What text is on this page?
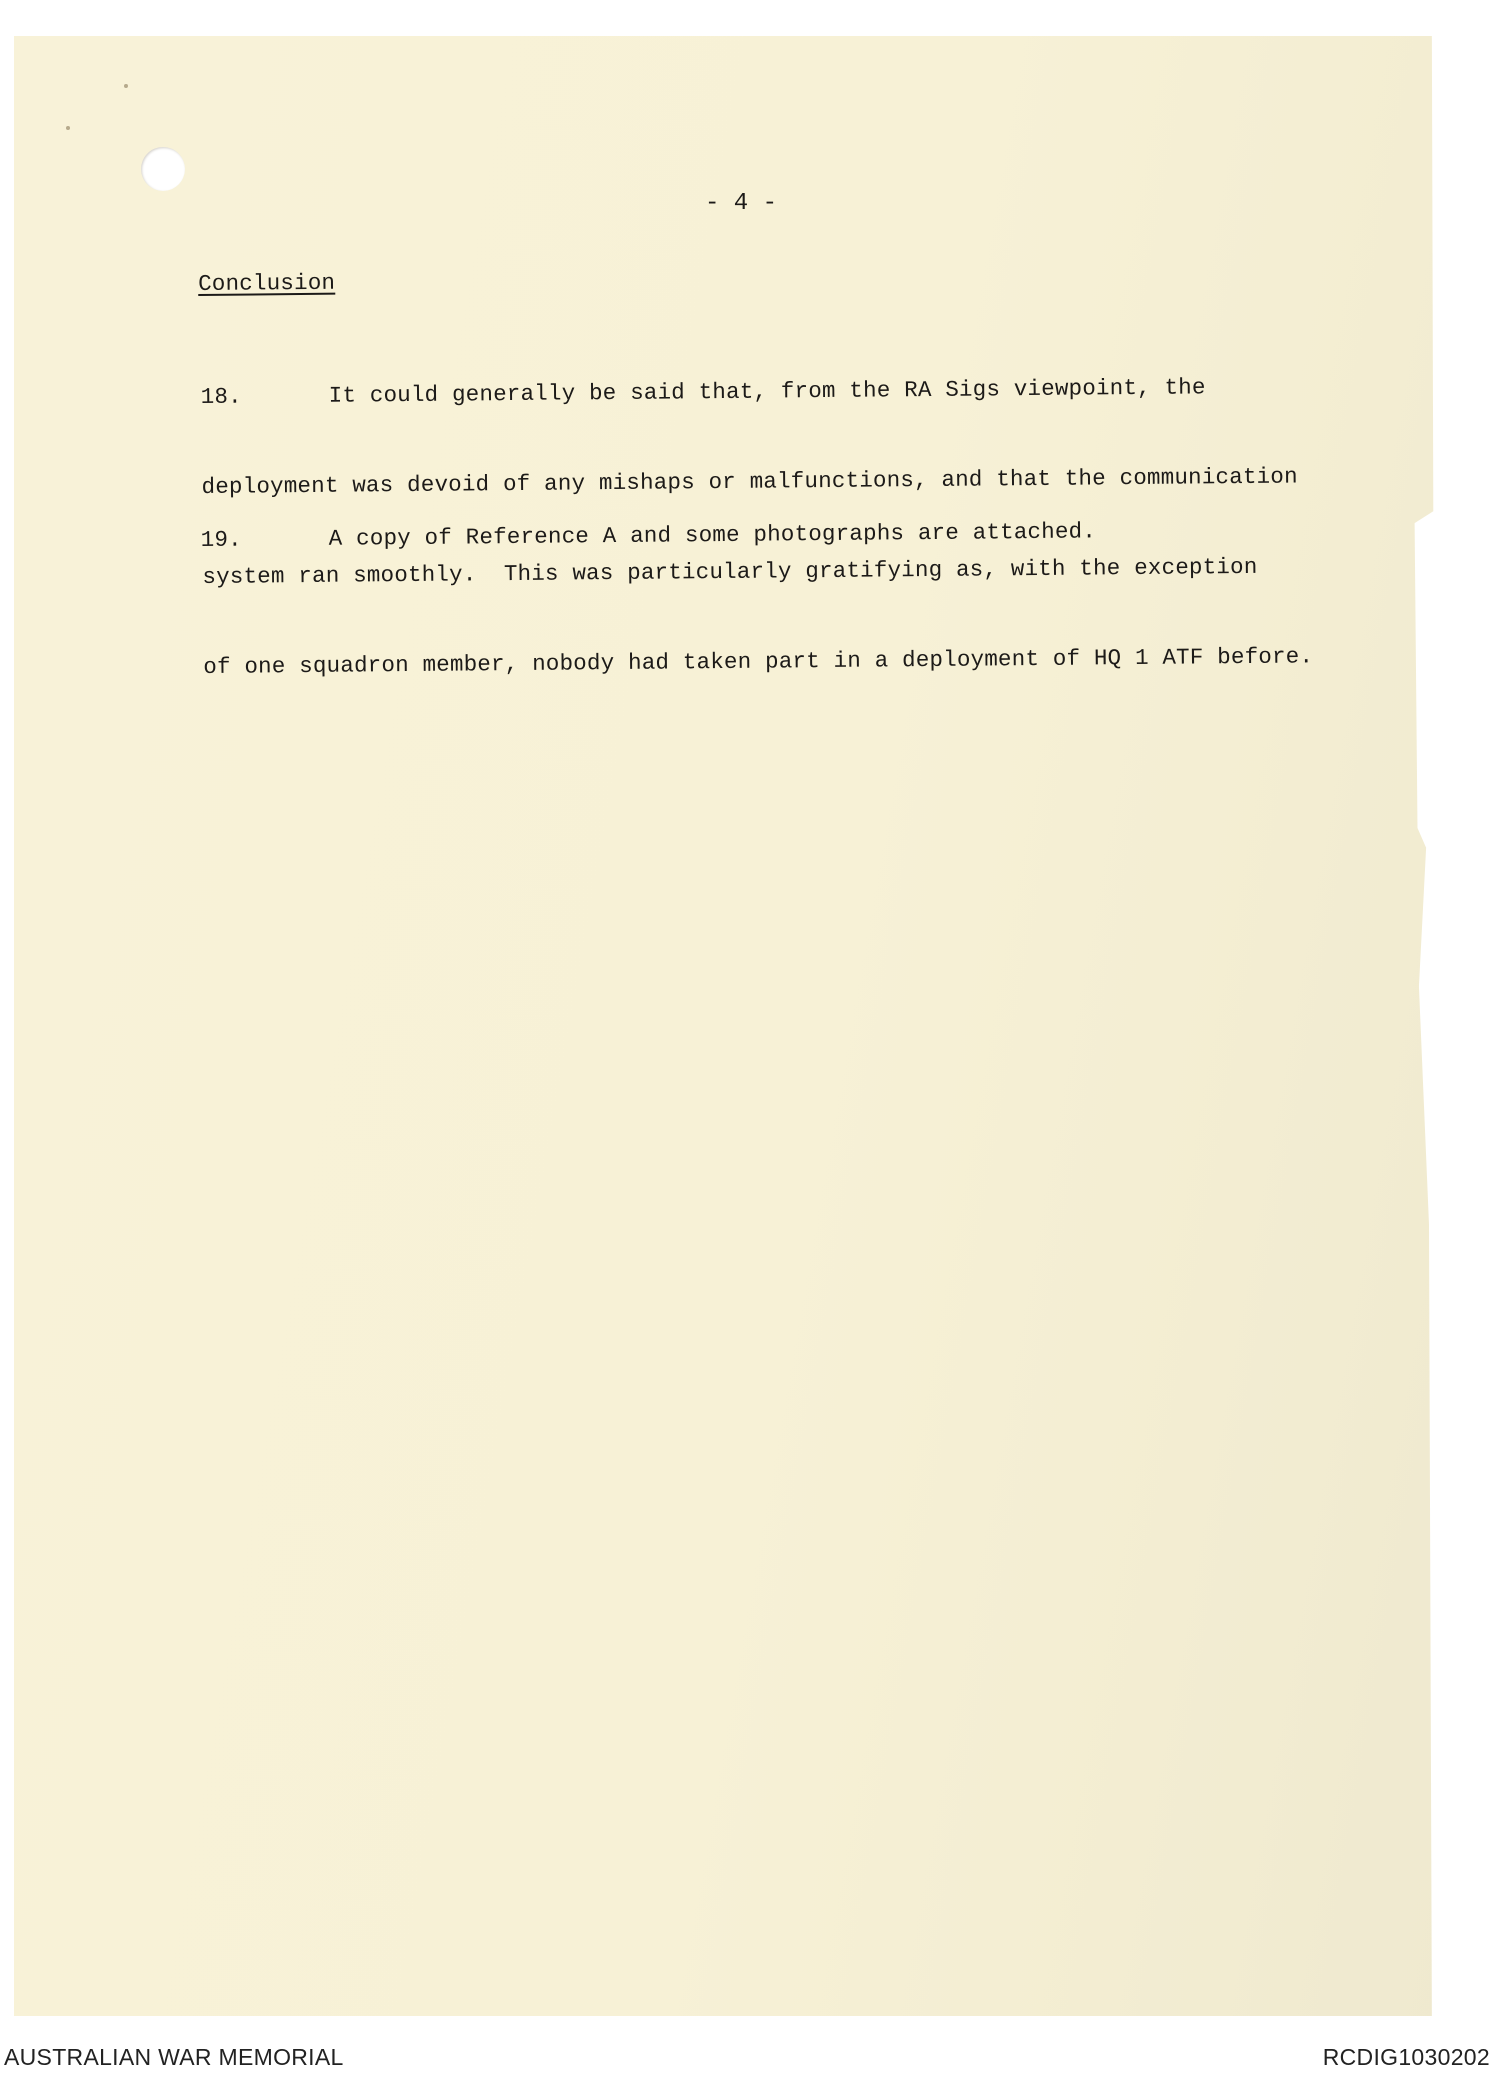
- 4 -
Conclusion

18.	It could generally be said that, from the RA Sigs viewpoint, the

deployment was devoid of any mishaps or malfunctions, and that the communication

system ran smoothly.  This was particularly gratifying as, with the exception

of one squadron member, nobody had taken part in a deployment of HQ 1 ATF before.

19.	A copy of Reference A and some photographs are attached.

AUSTRALIAN WAR MEMORIAL	RCDIG1030202
